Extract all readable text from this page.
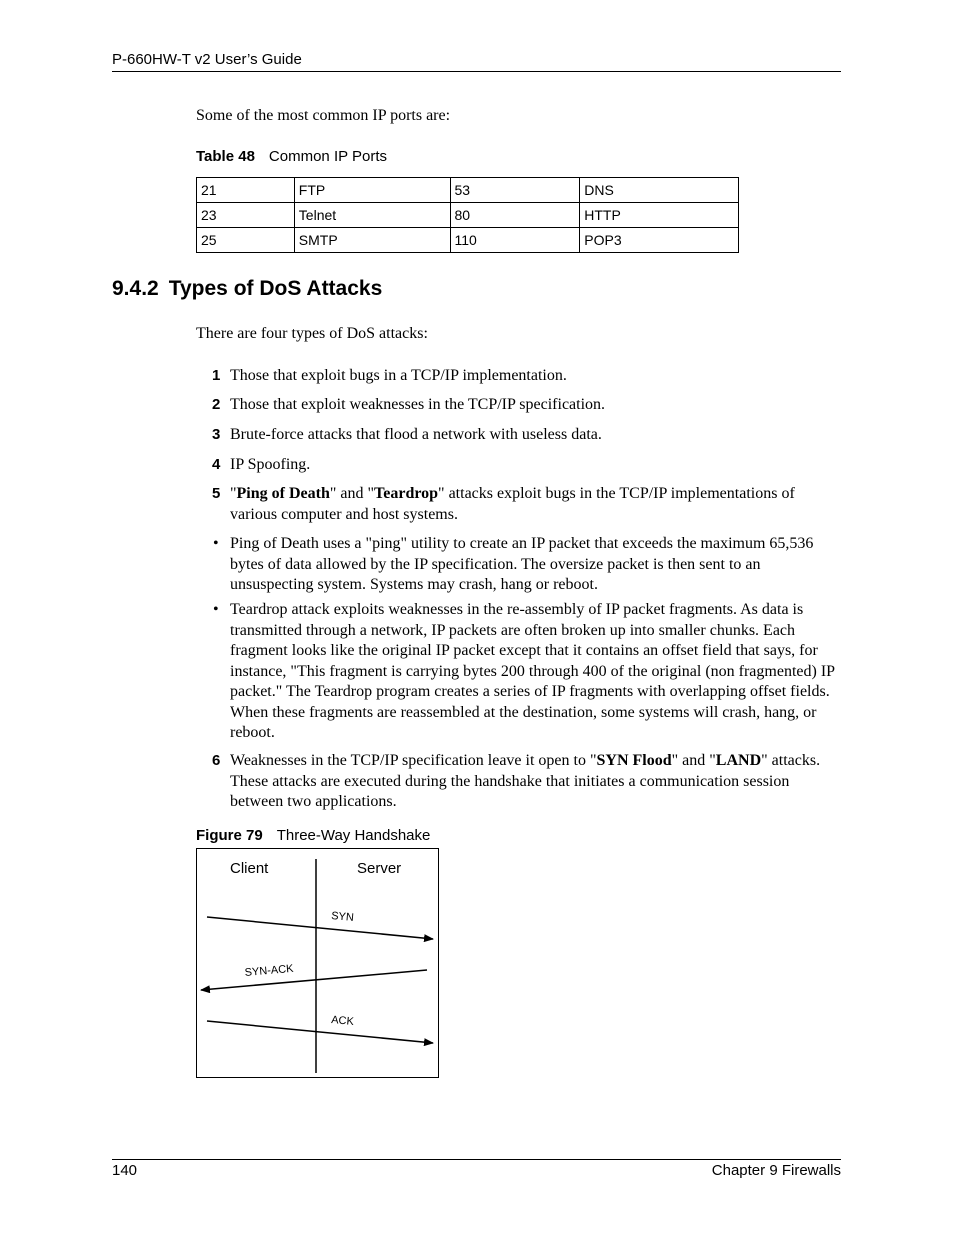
P-660HW-T v2 User’s Guide
Some of the most common IP ports are:
Table 48 Common IP Ports
21	FTP	53	DNS
23	Telnet	80	HTTP
25	SMTP	110	POP3
9.4.2 Types of DoS Attacks
There are four types of DoS attacks:
1 Those that exploit bugs in a TCP/IP implementation.
2 Those that exploit weaknesses in the TCP/IP specification.
3 Brute-force attacks that flood a network with useless data.
4 IP Spoofing.
5 "Ping of Death" and "Teardrop" attacks exploit bugs in the TCP/IP implementations of various computer and host systems.
• Ping of Death uses a "ping" utility to create an IP packet that exceeds the maximum 65,536 bytes of data allowed by the IP specification. The oversize packet is then sent to an unsuspecting system. Systems may crash, hang or reboot.
• Teardrop attack exploits weaknesses in the re-assembly of IP packet fragments. As data is transmitted through a network, IP packets are often broken up into smaller chunks. Each fragment looks like the original IP packet except that it contains an offset field that says, for instance, "This fragment is carrying bytes 200 through 400 of the original (non fragmented) IP packet." The Teardrop program creates a series of IP fragments with overlapping offset fields. When these fragments are reassembled at the destination, some systems will crash, hang, or reboot.
6 Weaknesses in the TCP/IP specification leave it open to "SYN Flood" and "LAND" attacks. These attacks are executed during the handshake that initiates a communication session between two applications.
Figure 79 Three-Way Handshake
Client	Server
SYN
SYN-ACK
ACK
140	Chapter 9 Firewalls
